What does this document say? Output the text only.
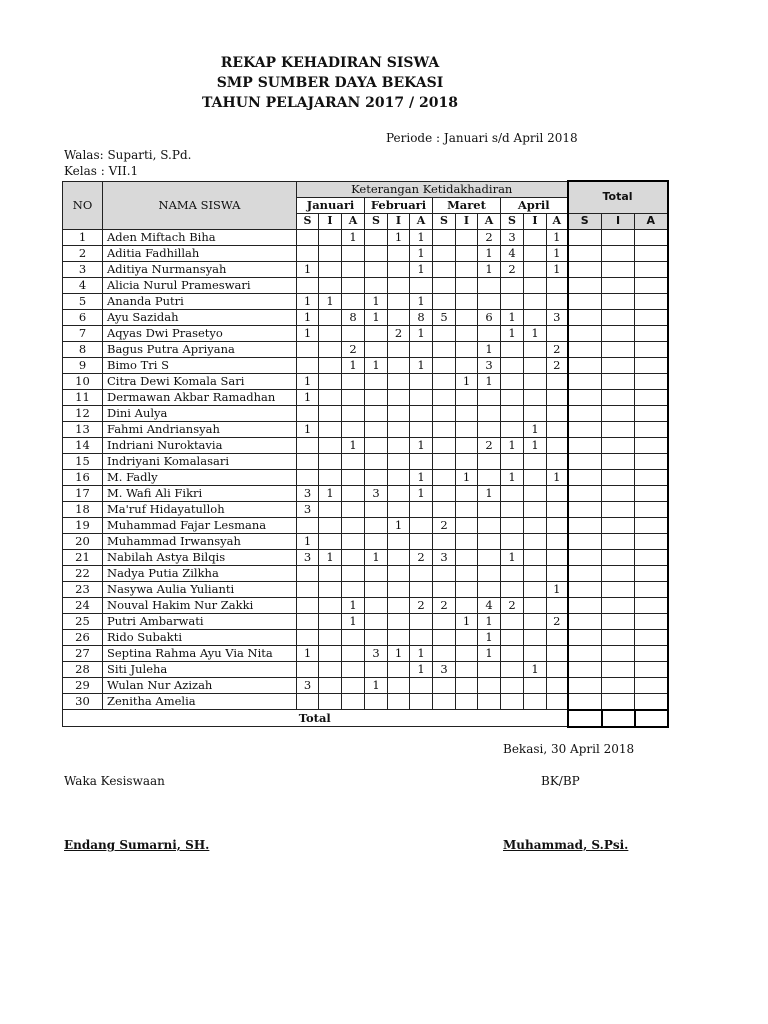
REKAP KEHADIRAN SISWA
SMP SUMBER DAYA BEKASI
TAHUN PELAJARAN 2017 / 2018
Periode : Januari s/d April 2018
Walas: Suparti, S.Pd.
Kelas : VII.1
NO	NAMA SISWA	Keterangan Ketidakhadiran												Total		
		Januari			Februari			Maret			April					
		S	I	A	S	I	A	S	I	A	S	I	A	S	I	A
1	Aden Miftach Biha			1		1	1			2	3		1			
2	Aditia Fadhillah						1			1	4		1			
3	Aditiya Nurmansyah	1					1			1	2		1			
4	Alicia Nurul Prameswari															
5	Ananda Putri	1	1		1		1									
6	Ayu Sazidah	1		8	1		8	5		6	1		3			
7	Aqyas Dwi Prasetyo	1				2	1				1	1				
8	Bagus Putra Apriyana			2						1			2			
9	Bimo Tri S			1	1		1			3			2			
10	Citra Dewi Komala Sari	1							1	1						
11	Dermawan Akbar Ramadhan	1														
12	Dini Aulya															
13	Fahmi Andriansyah	1										1				
14	Indriani Nuroktavia			1			1			2	1	1				
15	Indriyani Komalasari															
16	M. Fadly						1		1		1		1			
17	M. Wafi Ali Fikri	3	1		3		1			1						
18	Ma'ruf Hidayatulloh	3														
19	Muhammad Fajar Lesmana					1		2								
20	Muhammad Irwansyah	1														
21	Nabilah Astya Bilqis	3	1		1		2	3			1					
22	Nadya Putia Zilkha															
23	Nasywa Aulia Yulianti												1			
24	Nouval Hakim Nur Zakki			1			2	2		4	2					
25	Putri Ambarwati			1					1	1			2			
26	Rido Subakti									1						
27	Septina Rahma Ayu Via Nita	1			3	1	1			1						
28	Siti Juleha						1	3				1				
29	Wulan Nur Azizah	3			1											
30	Zenitha Amelia															
Total																
Bekasi, 30 April 2018
Waka Kesiswaan	BK/BP
Endang Sumarni, SH.	Muhammad, S.Psi.
